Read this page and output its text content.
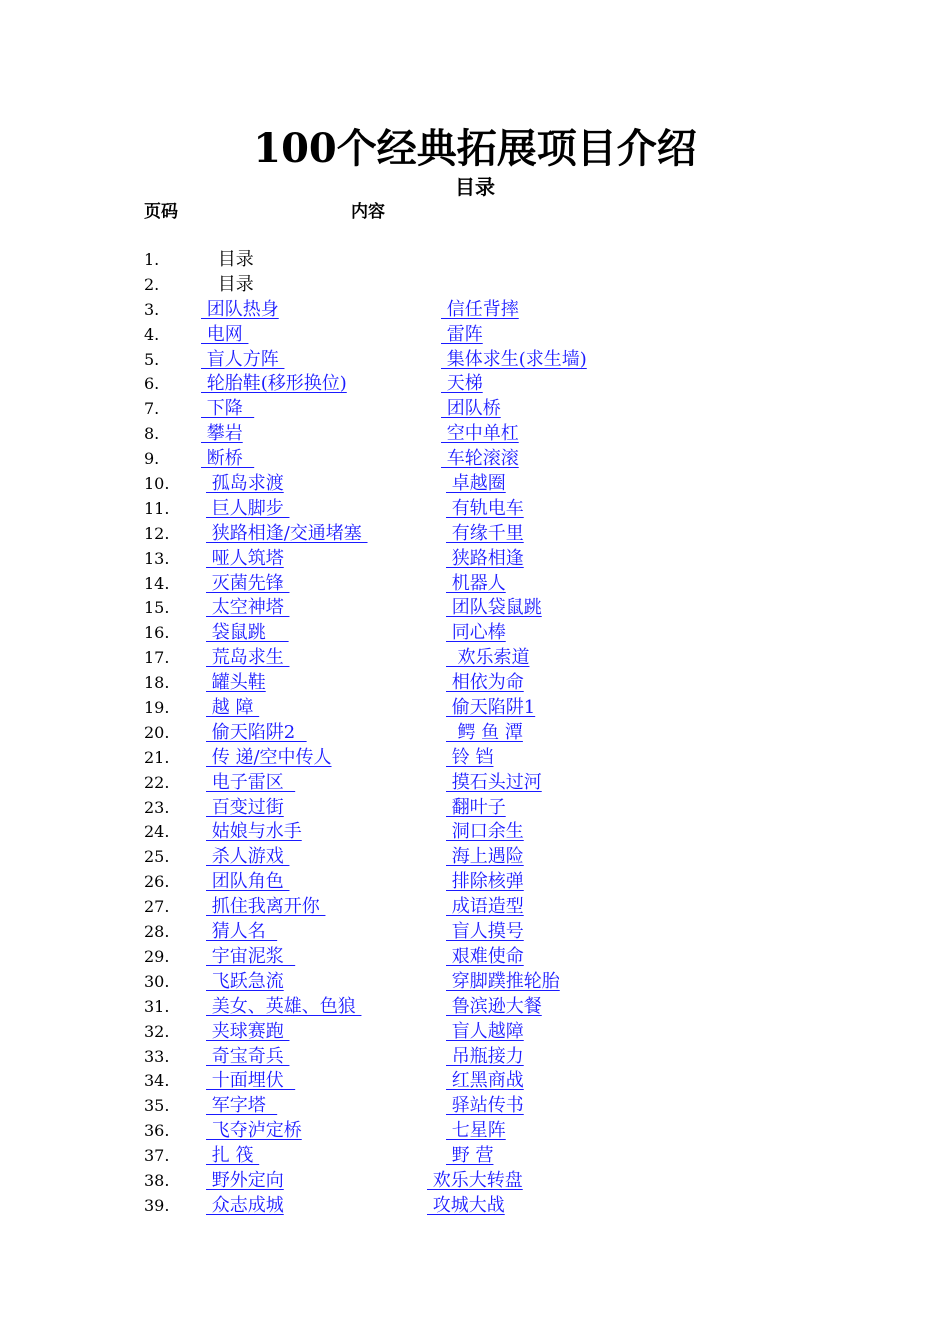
100个经典拓展项目介绍
目录
页码	内容
1.	目录
2.	目录
3. 团队热身	信任背摔
4. 电网	雷阵
5. 盲人方阵	集体求生(求生墙)
6. 轮胎鞋(移形换位)	天梯
7. 下降	团队桥
8. 攀岩	空中单杠
9. 断桥	车轮滚滚
10. 孤岛求渡	卓越圈
11. 巨人脚步	有轨电车
12. 狭路相逢/交通堵塞	有缘千里
13. 哑人筑塔	狭路相逢
14. 灭菌先锋	机器人
15. 太空神塔	团队袋鼠跳
16. 袋鼠跳	同心棒
17. 荒岛求生	欢乐索道
18. 罐头鞋	相依为命
19. 越 障	偷天陷阱1
20. 偷天陷阱2	鳄 鱼 潭
21. 传 递/空中传人	铃 铛
22. 电子雷区	摸石头过河
23. 百变过街	翻叶子
24. 姑娘与水手	洞口余生
25. 杀人游戏	海上遇险
26. 团队角色	排除核弹
27. 抓住我离开你	成语造型
28. 猜人名	盲人摸号
29. 宇宙泥浆	艰难使命
30. 飞跃急流	穿脚蹼推轮胎
31. 美女、英雄、色狼	鲁滨逊大餐
32. 夹球赛跑	盲人越障
33. 奇宝奇兵	吊瓶接力
34. 十面埋伏	红黑商战
35. 军字塔	驿站传书
36. 飞夺泸定桥	七星阵
37. 扎 筏	野 营
38. 野外定向	欢乐大转盘
39. 众志成城	攻城大战
